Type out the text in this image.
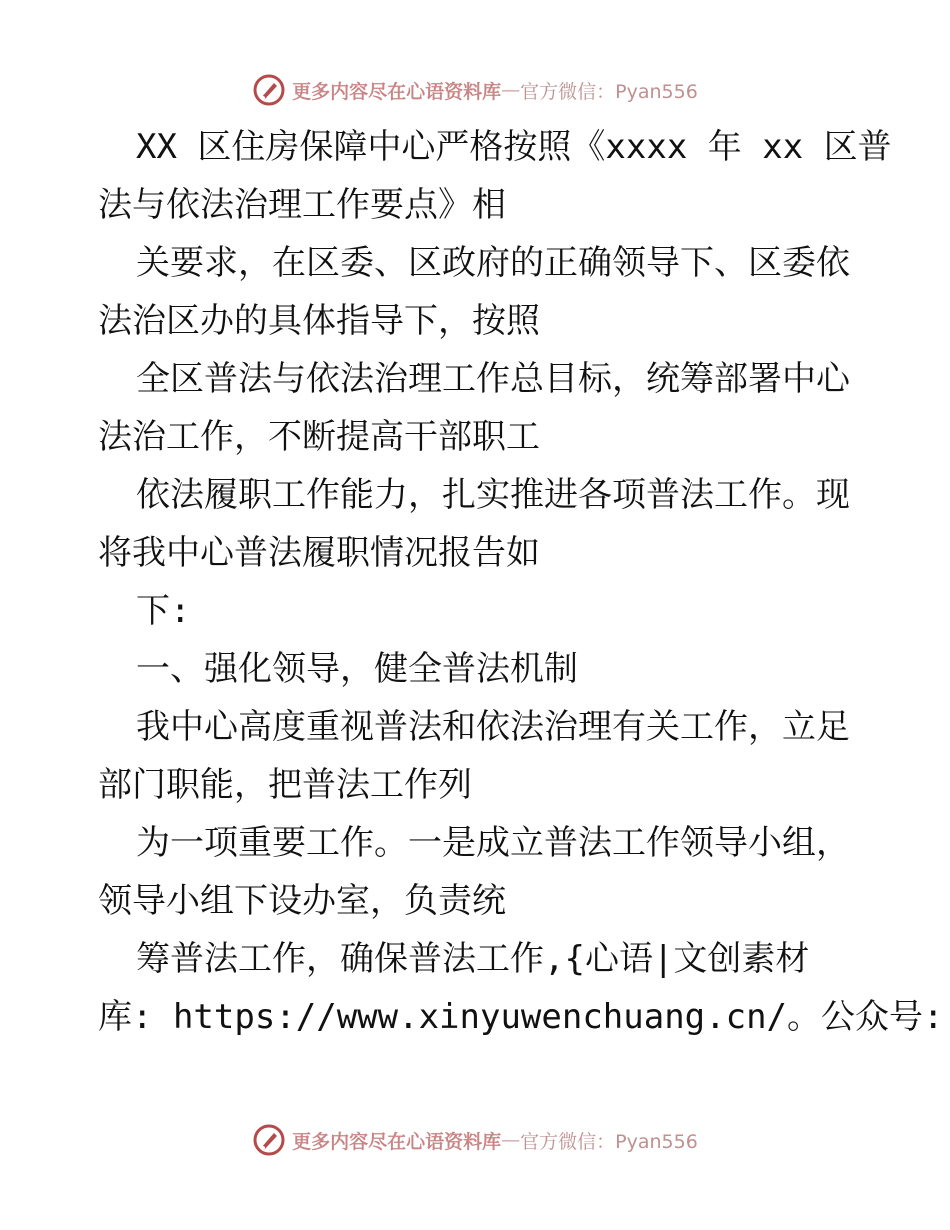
更多内容尽在心语资料库 — 官方微信：Pyan556
XX 区住房保障中心严格按照《xxxx 年 xx 区普
法与依法治理工作要点》相
关要求，在区委、区政府的正确领导下、区委依
法治区办的具体指导下，按照
全区普法与依法治理工作总目标，统筹部署中心
法治工作，不断提高干部职工
依法履职工作能力，扎实推进各项普法工作。现
将我中心普法履职情况报告如
下:
一、强化领导，健全普法机制
我中心高度重视普法和依法治理有关工作，立足
部门职能，把普法工作列
为一项重要工作。一是成立普法工作领导小组，
领导小组下设办室，负责统
筹普法工作，确保普法工作,{心语|文创素材
库: https://www.xinyuwenchuang.cn/。公众号:
更多内容尽在心语资料库 — 官方微信：Pyan556
